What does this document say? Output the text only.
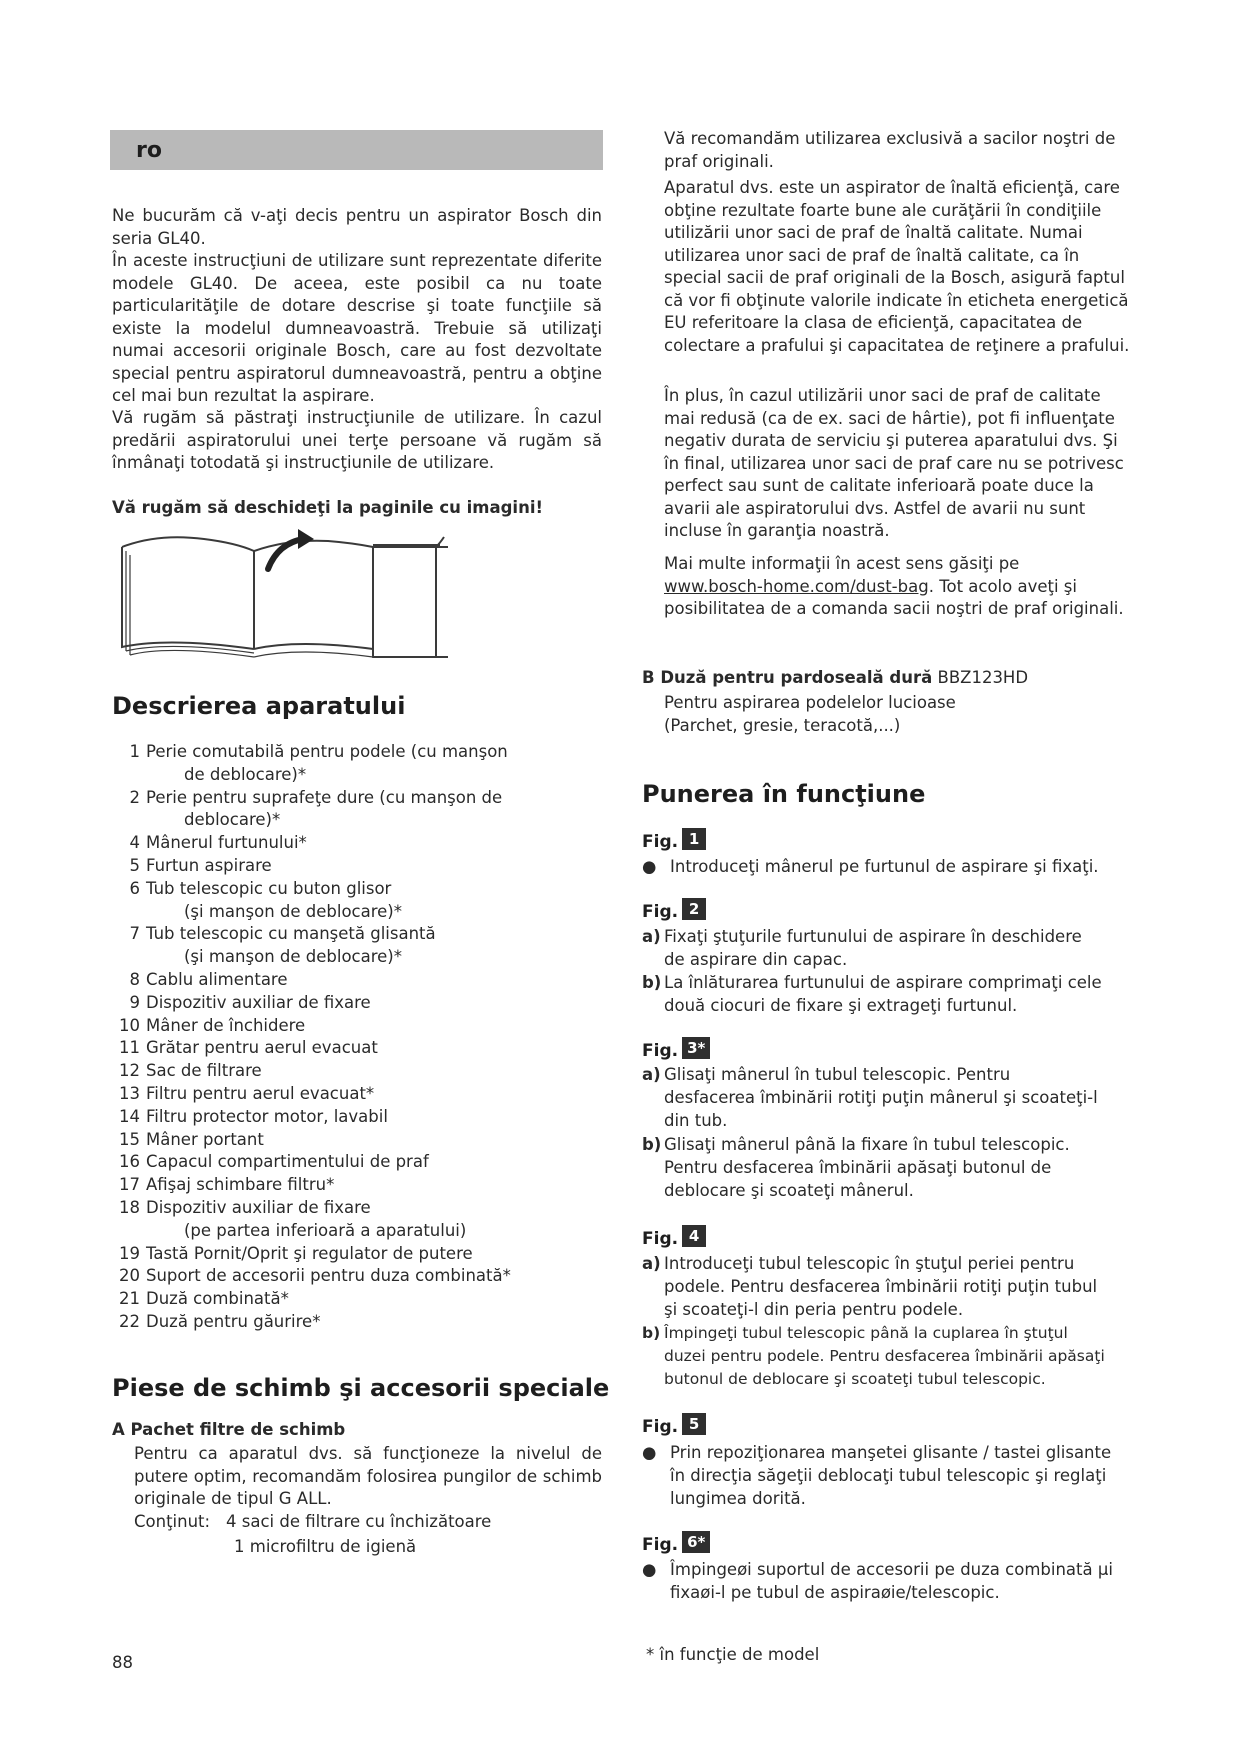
ro

Ne bucurăm că v-aţi decis pentru un aspirator Bosch din seria GL40.

În aceste instrucţiuni de utilizare sunt reprezentate diferite modele GL40. De aceea, este posibil ca nu toate particularităţile de dotare descrise şi toate funcţiile să existe la modelul dumneavoastră. Trebuie să utilizaţi numai accesorii originale Bosch, care au fost dezvoltate special pentru aspiratorul dumneavoastră, pentru a obţine cel mai bun rezultat la aspirare.

Vă rugăm să păstraţi instrucţiunile de utilizare. În cazul predării aspiratorului unei terţe persoane vă rugăm să înmânaţi totodată şi instrucţiunile de utilizare.

Vă rugăm să deschideţi la paginile cu imagini!

Descrierea aparatului
1 Perie comutabilă pentru podele (cu manşon
de deblocare)*
2 Perie pentru suprafeţe dure (cu manşon de
deblocare)*
4 Mânerul furtunului*
5 Furtun aspirare
6 Tub telescopic cu buton glisor
(şi manşon de deblocare)*
7 Tub telescopic cu manşetă glisantă
(şi manşon de deblocare)*
8 Cablu alimentare
9 Dispozitiv auxiliar de fixare
10 Mâner de închidere
11 Grătar pentru aerul evacuat
12 Sac de filtrare
13 Filtru pentru aerul evacuat*
14 Filtru protector motor, lavabil
15 Mâner portant
16 Capacul compartimentului de praf
17 Afişaj schimbare filtru*
18 Dispozitiv auxiliar de fixare
(pe partea inferioară a aparatului)
19 Tastă Pornit/Oprit şi regulator de putere
20 Suport de accesorii pentru duza combinată*
21 Duză combinată*
22 Duză pentru găurire*
Piese de schimb şi accesorii speciale

A Pachet filtre de schimb

Pentru ca aparatul dvs. să funcţioneze la nivelul de putere optim, recomandăm folosirea pungilor de schimb originale de tipul G ALL.

Conţinut: 4 saci de filtrare cu închizătoare

1 microfiltru de igienă

88

Vă recomandăm utilizarea exclusivă a sacilor noştri de praf originali.

Aparatul dvs. este un aspirator de înaltă eficienţă, care obţine rezultate foarte bune ale curăţării în condiţiile utilizării unor saci de praf de înaltă calitate. Numai utilizarea unor saci de praf de înaltă calitate, ca în special sacii de praf originali de la Bosch, asigură faptul că vor fi obţinute valorile indicate în eticheta energetică EU referitoare la clasa de eficienţă, capacitatea de colectare a prafului şi capacitatea de reţinere a prafului.

În plus, în cazul utilizării unor saci de praf de calitate mai redusă (ca de ex. saci de hârtie), pot fi influenţate negativ durata de serviciu şi puterea aparatului dvs. Şi în final, utilizarea unor saci de praf care nu se potrivesc perfect sau sunt de calitate inferioară poate duce la avarii ale aspiratorului dvs. Astfel de avarii nu sunt incluse în garanţia noastră.

Mai multe informaţii în acest sens găsiţi pe
www.bosch-home.com/dust-bag. Tot acolo aveţi şi posibilitatea de a comanda sacii noştri de praf originali.

B Duză pentru pardoseală dură BBZ123HD

Pentru aspirarea podelelor lucioase

(Parchet, gresie, teracotă,...)

Punerea în funcţiune
Fig. 1

● Introduceţi mânerul pe furtunul de aspirare şi fixaţi.

Fig. 2

a) Fixaţi ştuţurile furtunului de aspirare în deschidere
de aspirare din capac.

b) La înlăturarea furtunului de aspirare comprimaţi cele
două ciocuri de fixare şi extrageţi furtunul.

Fig. 3*

a) Glisaţi mânerul în tubul telescopic. Pentru
desfacerea îmbinării rotiţi puţin mânerul şi scoateţi-l
din tub.

b) Glisaţi mânerul până la fixare în tubul telescopic.
Pentru desfacerea îmbinării apăsaţi butonul de
deblocare şi scoateţi mânerul.

Fig. 4

a) Introduceţi tubul telescopic în ştuţul periei pentru
podele. Pentru desfacerea îmbinării rotiţi puţin tubul
şi scoateţi-l din peria pentru podele.

b) Împingeţi tubul telescopic până la cuplarea în ştuţul
duzei pentru podele. Pentru desfacerea îmbinării apăsaţi
butonul de deblocare şi scoateţi tubul telescopic.

Fig. 5

● Prin repoziţionarea manşetei glisante / tastei glisante
în direcţia săgeţii deblocaţi tubul telescopic şi reglaţi
lungimea dorită.

Fig. 6*

● Împingeøi suportul de accesorii pe duza combinată µi
fixaøi-l pe tubul de aspiraøie/telescopic.

* în funcţie de model
